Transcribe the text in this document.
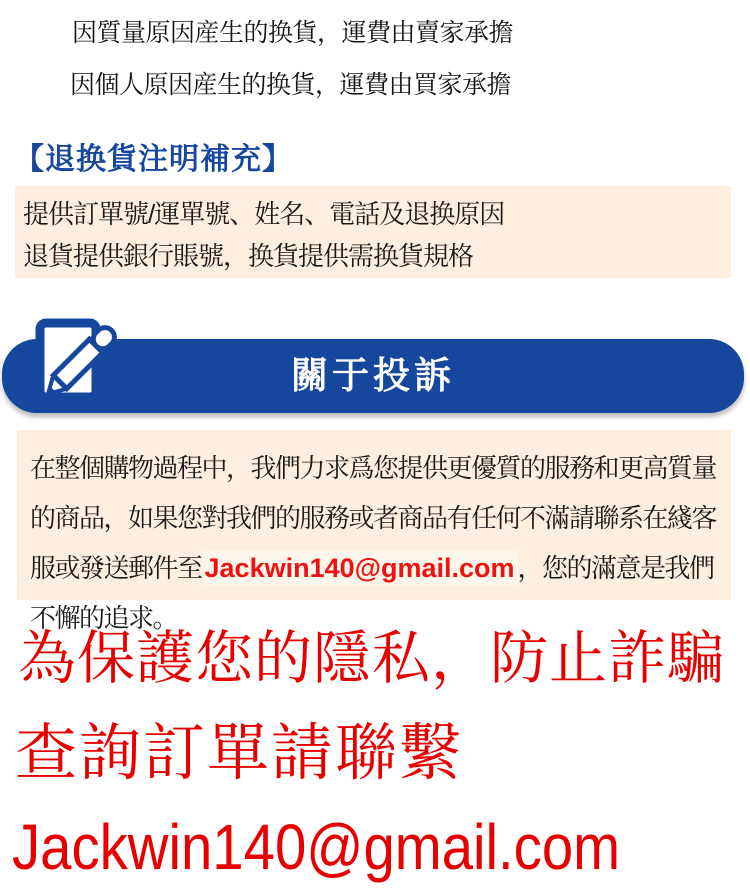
因質量原因産生的换貨，運費由賣家承擔
因個人原因産生的换貨，運費由買家承擔
【退换貨注明補充】
提供訂單號/運單號、姓名、電話及退换原因
退貨提供銀行賬號，换貨提供需换貨規格
關于投訴

在整個購物過程中，我們力求爲您提供更優質的服務和更高質量的商品，如果您對我們的服務或者商品有任何不滿請聯系在綫客服或發送郵件至 Jackwin140@gmail.com ，您的滿意是我們不懈的追求。

為保護您的隱私，防止詐騙
查詢訂單請聯繫
Jackwin140@gmail.com
